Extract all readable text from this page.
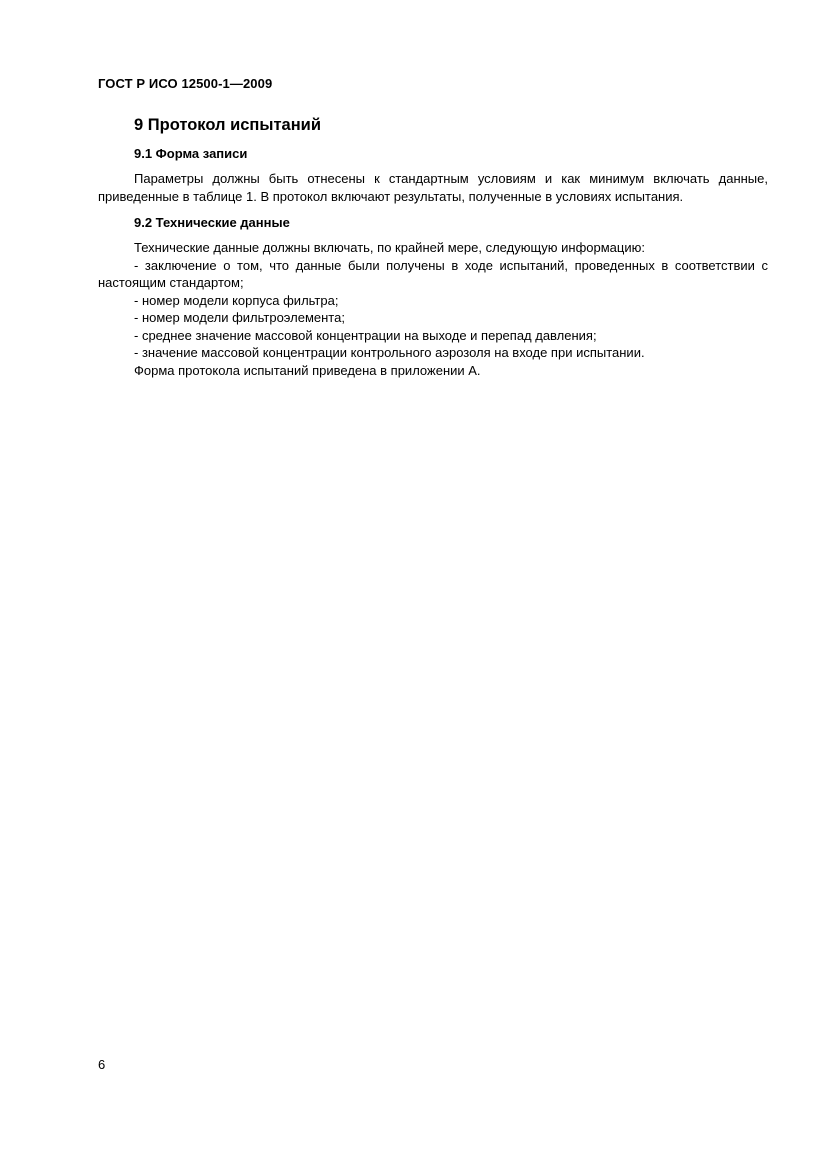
ГОСТ Р ИСО 12500-1—2009
9 Протокол испытаний
9.1 Форма записи

Параметры должны быть отнесены к стандартным условиям и как минимум включать данные, приведенные в таблице 1. В протокол включают результаты, полученные в условиях испытания.

9.2 Технические данные

Технические данные должны включать, по крайней мере, следующую информацию:

- заключение о том, что данные были получены в ходе испытаний, проведенных в соответствии с настоящим стандартом;

- номер модели корпуса фильтра;

- номер модели фильтроэлемента;

- среднее значение массовой концентрации на выходе и перепад давления;

- значение массовой концентрации контрольного аэрозоля на входе при испытании.

Форма протокола испытаний приведена в приложении А.

6
